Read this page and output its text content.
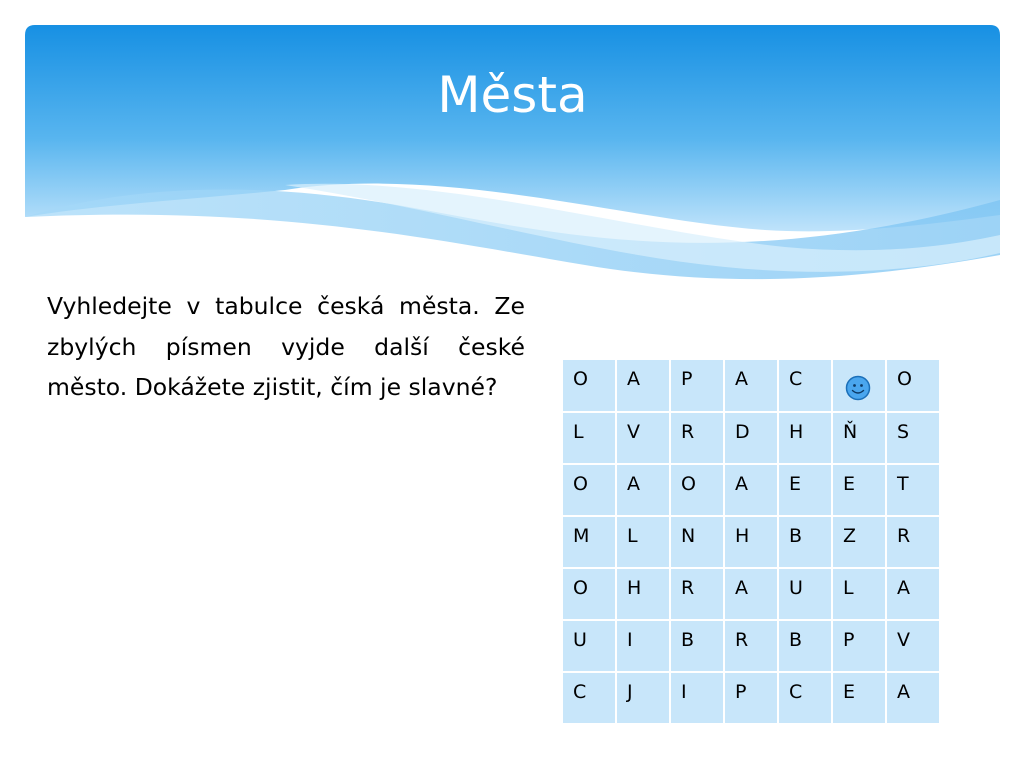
Města

Vyhledejte v tabulce česká města. Ze zbylých písmen vyjde další české město. Dokážete zjistit, čím je slavné?	O	A	P	A	C		O
L	V	R	D	H	Ň	S
O	A	O	A	E	E	T
M	L	N	H	B	Z	R
O	H	R	A	U	L	A
U	I	B	R	B	P	V
C	J	I	P	C	E	A
